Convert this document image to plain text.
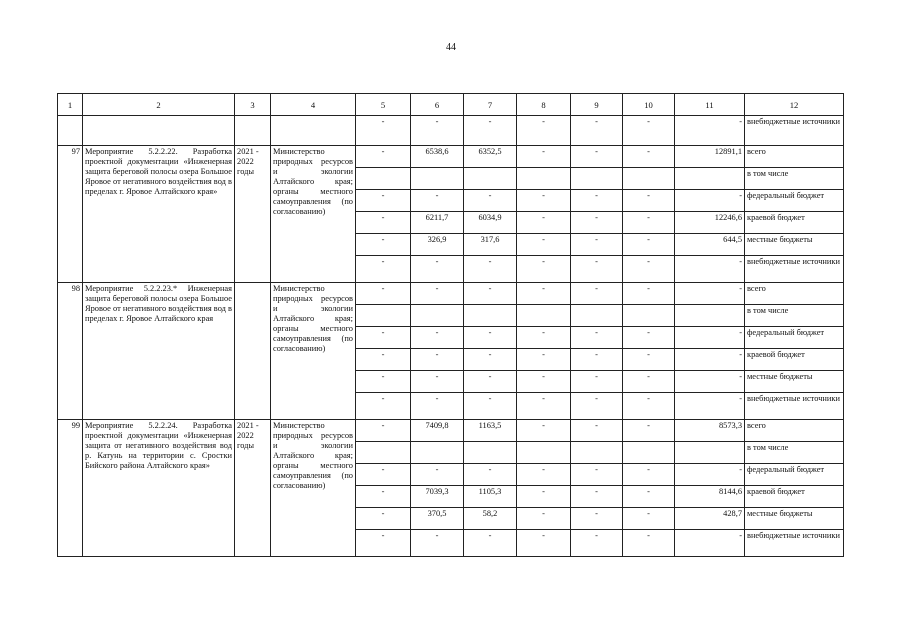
44
1	2	3	4	5	6	7	8	9	10	11	12
				-	-	-	-	-	-	-	внебюджетные источники
97	Мероприятие 5.2.2.22. Разработка проектной документации «Инженерная защита береговой полосы озера Большое Яровое от негативного воздействия вод в пределах г. Яровое Алтайского края»	2021 - 2022 годы	Министерство природных ресурсов и экологии Алтайского края; органы местного самоуправления (по согласованию)	-	6538,6	6352,5	-	-	-	12891,1	всего
											в том числе
				-	-	-	-	-	-	-	федеральный бюджет
				-	6211,7	6034,9	-	-	-	12246,6	краевой бюджет
				-	326,9	317,6	-	-	-	644,5	местные бюджеты
				-	-	-	-	-	-	-	внебюджетные источники
98	Мероприятие 5.2.2.23.* Инженерная защита береговой полосы озера Большое Яровое от негативного воздействия вод в пределах г. Яровое Алтайского края		Министерство природных ресурсов и экологии Алтайского края; органы местного самоуправления (по согласованию)	-	-	-	-	-	-	-	всего
											в том числе
				-	-	-	-	-	-	-	федеральный бюджет
				-	-	-	-	-	-	-	краевой бюджет
				-	-	-	-	-	-	-	местные бюджеты
				-	-	-	-	-	-	-	внебюджетные источники
99	Мероприятие 5.2.2.24. Разработка проектной документации «Инженерная защита от негативного воздействия вод р. Катунь на территории с. Сростки Бийского района Алтайского края»	2021 - 2022 годы	Министерство природных ресурсов и экологии Алтайского края; органы местного самоуправления (по согласованию)	-	7409,8	1163,5	-	-	-	8573,3	всего
											в том числе
				-	-	-	-	-	-	-	федеральный бюджет
				-	7039,3	1105,3	-	-	-	8144,6	краевой бюджет
				-	370,5	58,2	-	-	-	428,7	местные бюджеты
				-	-	-	-	-	-	-	внебюджетные источники
